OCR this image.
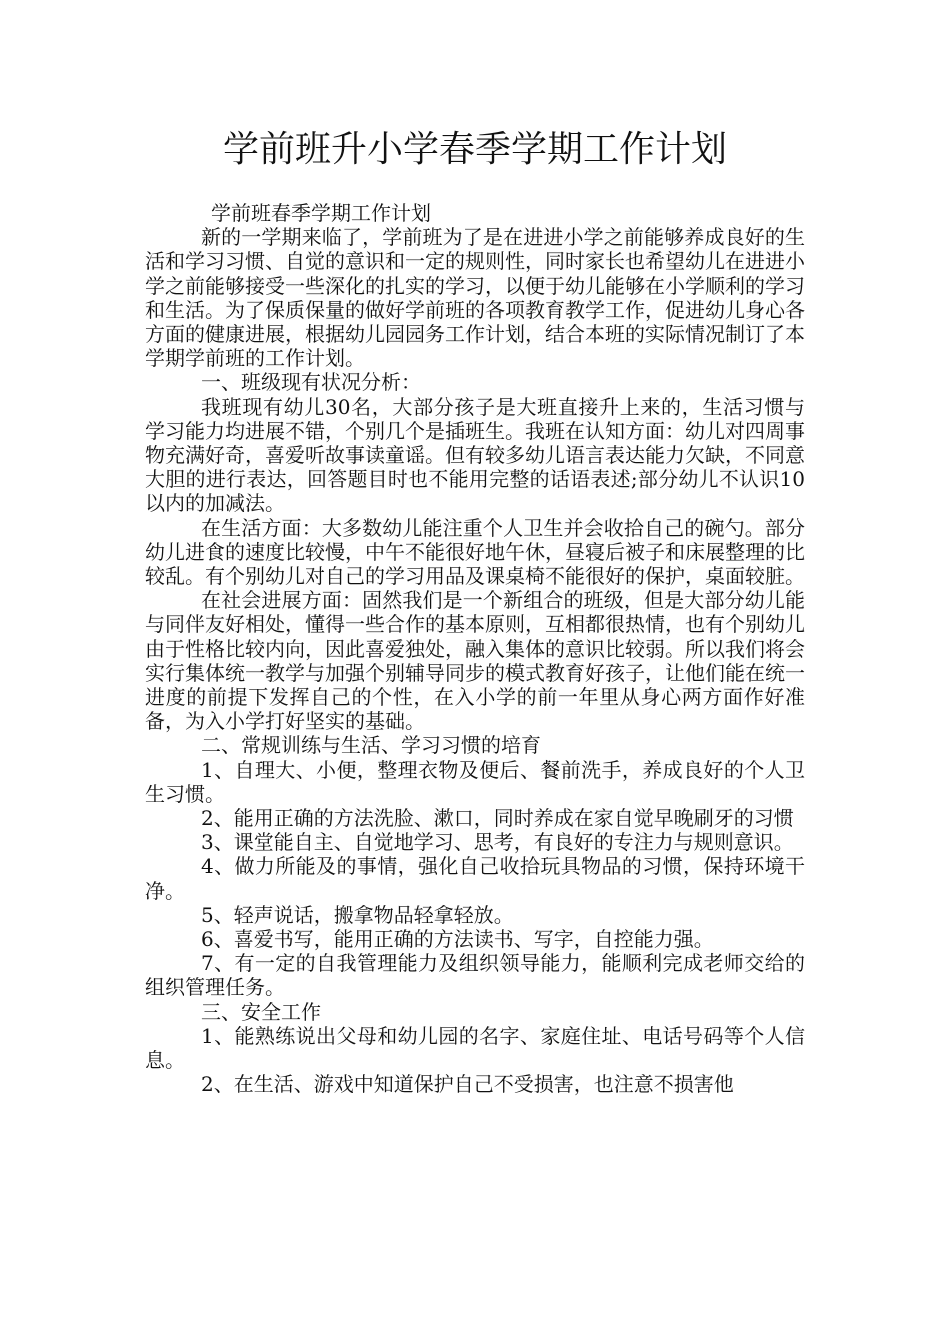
学前班升小学春季学期工作计划

学前班春季学期工作计划

新的一学期来临了，学前班为了是在进进小学之前能够养成良好的生活和学习习惯、自觉的意识和一定的规则性，同时家长也希望幼儿在进进小学之前能够接受一些深化的扎实的学习，以便于幼儿能够在小学顺利的学习和生活。为了保质保量的做好学前班的各项教育教学工作，促进幼儿身心各方面的健康进展，根据幼儿园园务工作计划，结合本班的实际情况制订了本学期学前班的工作计划。

一、班级现有状况分析：

我班现有幼儿30名，大部分孩子是大班直接升上来的，生活习惯与学习能力均进展不错，个别几个是插班生。我班在认知方面：幼儿对四周事物充满好奇，喜爱听故事读童谣。但有较多幼儿语言表达能力欠缺，不同意大胆的进行表达，回答题目时也不能用完整的话语表述;部分幼儿不认识10以内的加减法。

在生活方面：大多数幼儿能注重个人卫生并会收拾自己的碗勺。部分幼儿进食的速度比较慢，中午不能很好地午休，昼寝后被子和床展整理的比较乱。有个别幼儿对自己的学习用品及课桌椅不能很好的保护，桌面较脏。

在社会进展方面：固然我们是一个新组合的班级，但是大部分幼儿能与同伴友好相处，懂得一些合作的基本原则，互相都很热情，也有个别幼儿由于性格比较内向，因此喜爱独处，融入集体的意识比较弱。所以我们将会实行集体统一教学与加强个别辅导同步的模式教育好孩子，让他们能在统一进度的前提下发挥自己的个性，在入小学的前一年里从身心两方面作好准备，为入小学打好坚实的基础。

二、常规训练与生活、学习习惯的培育

1、自理大、小便，整理衣物及便后、餐前洗手，养成良好的个人卫生习惯。

2、能用正确的方法洗脸、漱口，同时养成在家自觉早晚刷牙的习惯

3、课堂能自主、自觉地学习、思考，有良好的专注力与规则意识。

4、做力所能及的事情，强化自己收拾玩具物品的习惯，保持环境干净。

5、轻声说话，搬拿物品轻拿轻放。

6、喜爱书写，能用正确的方法读书、写字，自控能力强。

7、有一定的自我管理能力及组织领导能力，能顺利完成老师交给的组织管理任务。

三、安全工作

1、能熟练说出父母和幼儿园的名字、家庭住址、电话号码等个人信息。

2、在生活、游戏中知道保护自己不受损害，也注意不损害他
